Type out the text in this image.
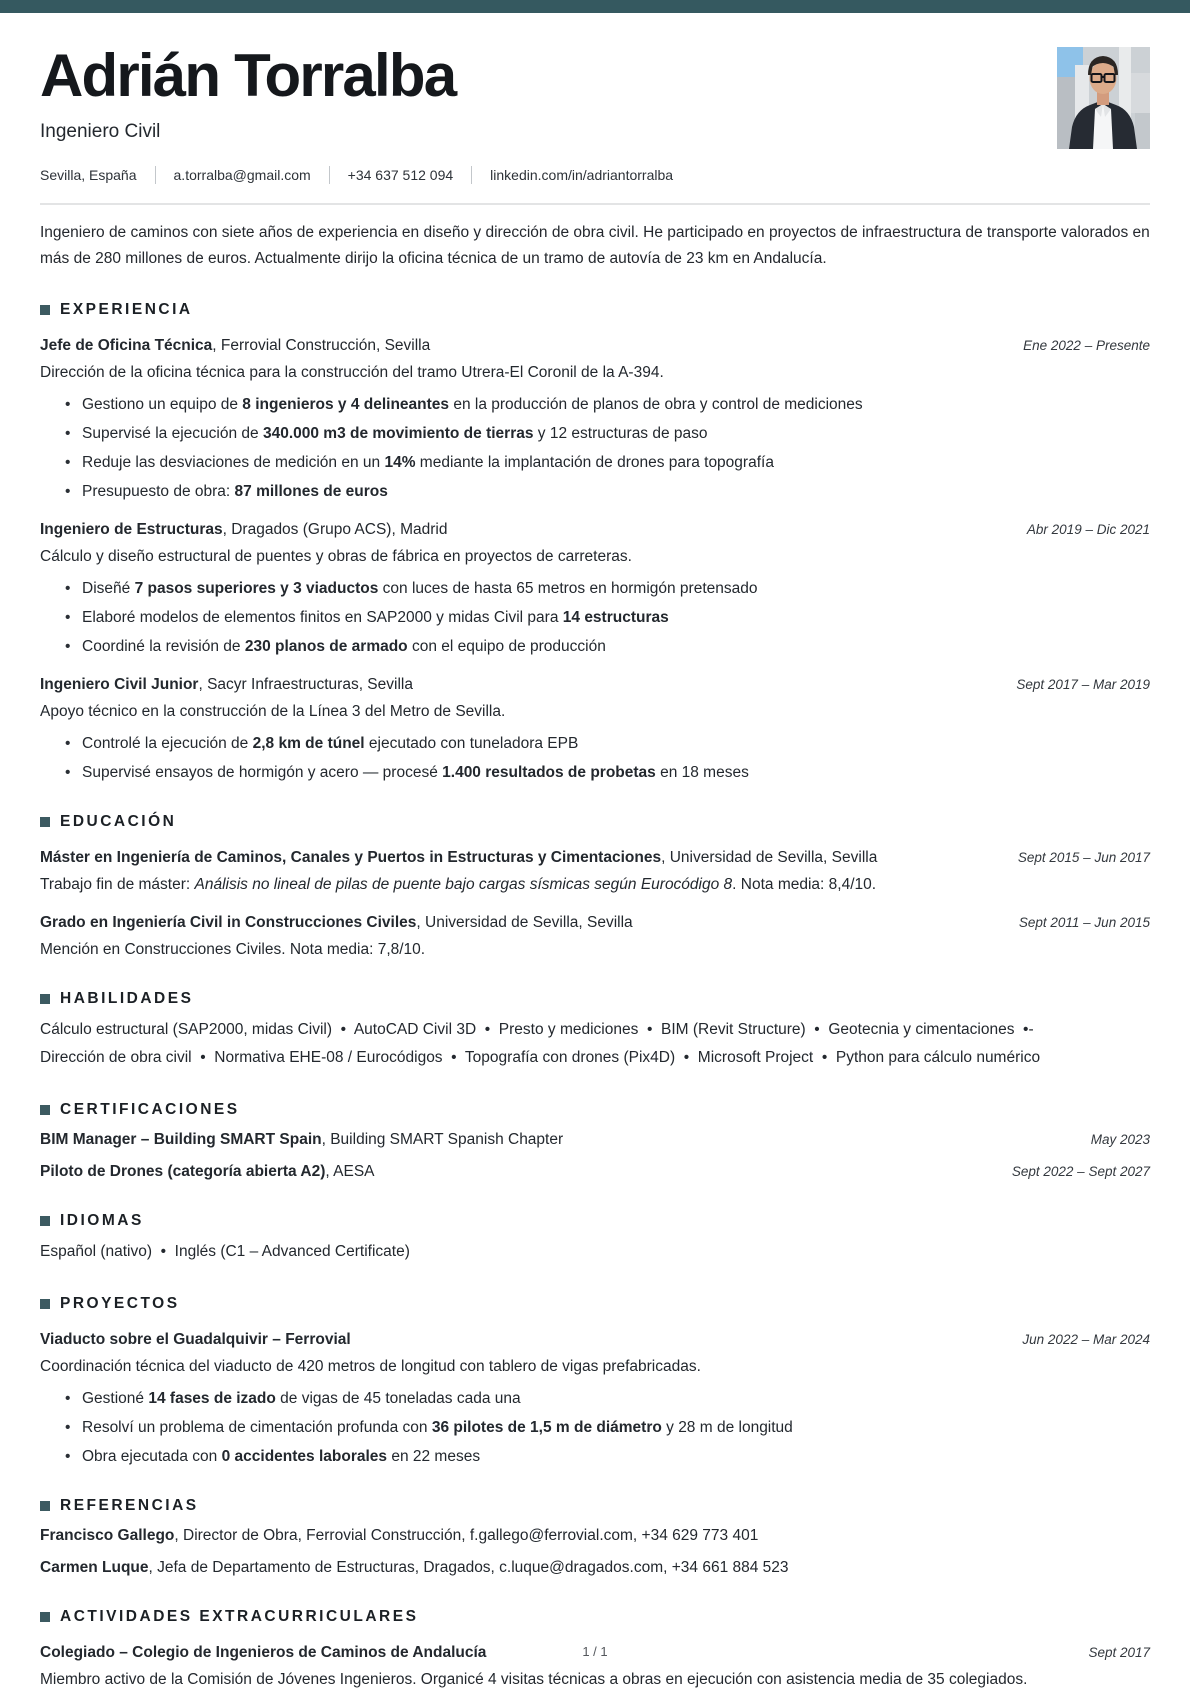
Adrián Torralba
Ingeniero Civil
Sevilla, España	a.torralba@gmail.com	+34 637 512 094	linkedin.com/in/adriantorralba

Ingeniero de caminos con siete años de experiencia en diseño y dirección de obra civil. He participado en proyectos de infraestructura de transporte valorados en más de 280 millones de euros. Actualmente dirijo la oficina técnica de un tramo de autovía de 23 km en Andalucía.

EXPERIENCIA

Jefe de Oficina Técnica, Ferrovial Construcción, Sevilla	Ene 2022 – Presente

Dirección de la oficina técnica para la construcción del tramo Utrera-El Coronil de la A-394.

• Gestiono un equipo de 8 ingenieros y 4 delineantes en la producción de planos de obra y control de mediciones
• Supervisé la ejecución de 340.000 m3 de movimiento de tierras y 12 estructuras de paso
• Reduje las desviaciones de medición en un 14% mediante la implantación de drones para topografía
• Presupuesto de obra: 87 millones de euros

Ingeniero de Estructuras, Dragados (Grupo ACS), Madrid	Abr 2019 – Dic 2021

Cálculo y diseño estructural de puentes y obras de fábrica en proyectos de carreteras.

• Diseñé 7 pasos superiores y 3 viaductos con luces de hasta 65 metros en hormigón pretensado
• Elaboré modelos de elementos finitos en SAP2000 y midas Civil para 14 estructuras
• Coordiné la revisión de 230 planos de armado con el equipo de producción

Ingeniero Civil Junior, Sacyr Infraestructuras, Sevilla	Sept 2017 – Mar 2019

Apoyo técnico en la construcción de la Línea 3 del Metro de Sevilla.

• Controlé la ejecución de 2,8 km de túnel ejecutado con tuneladora EPB
• Supervisé ensayos de hormigón y acero — procesé 1.400 resultados de probetas en 18 meses
EDUCACIÓN

Máster en Ingeniería de Caminos, Canales y Puertos in Estructuras y Cimentaciones, Universidad de Sevilla, Sevilla	Sept 2015 – Jun 2017

Trabajo fin de máster: Análisis no lineal de pilas de puente bajo cargas sísmicas según Eurocódigo 8. Nota media: 8,4/10.

Grado en Ingeniería Civil in Construcciones Civiles, Universidad de Sevilla, Sevilla	Sept 2011 – Jun 2015

Mención en Construcciones Civiles. Nota media: 7,8/10.

HABILIDADES

Cálculo estructural (SAP2000, midas Civil)  •  AutoCAD Civil 3D  •  Presto y mediciones  •  BIM (Revit Structure)  •  Geotecnia y cimentaciones  •-

Dirección de obra civil  •  Normativa EHE-08 / Eurocódigos  •  Topografía con drones (Pix4D)  •  Microsoft Project  •  Python para cálculo numérico

CERTIFICACIONES

BIM Manager – Building SMART Spain, Building SMART Spanish Chapter	May 2023

Piloto de Drones (categoría abierta A2), AESA	Sept 2022 – Sept 2027
IDIOMAS

Español (nativo)  •  Inglés (C1 – Advanced Certificate)

PROYECTOS

Viaducto sobre el Guadalquivir – Ferrovial	Jun 2022 – Mar 2024

Coordinación técnica del viaducto de 420 metros de longitud con tablero de vigas prefabricadas.

• Gestioné 14 fases de izado de vigas de 45 toneladas cada una
• Resolví un problema de cimentación profunda con 36 pilotes de 1,5 m de diámetro y 28 m de longitud
• Obra ejecutada con 0 accidentes laborales en 22 meses
REFERENCIAS

Francisco Gallego, Director de Obra, Ferrovial Construcción, f.gallego@ferrovial.com, +34 629 773 401

Carmen Luque, Jefa de Departamento de Estructuras, Dragados, c.luque@dragados.com, +34 661 884 523

ACTIVIDADES EXTRACURRICULARES

Colegiado – Colegio de Ingenieros de Caminos de Andalucía	Sept 2017

Miembro activo de la Comisión de Jóvenes Ingenieros. Organicé 4 visitas técnicas a obras en ejecución con asistencia media de 35 colegiados.

1 / 1
